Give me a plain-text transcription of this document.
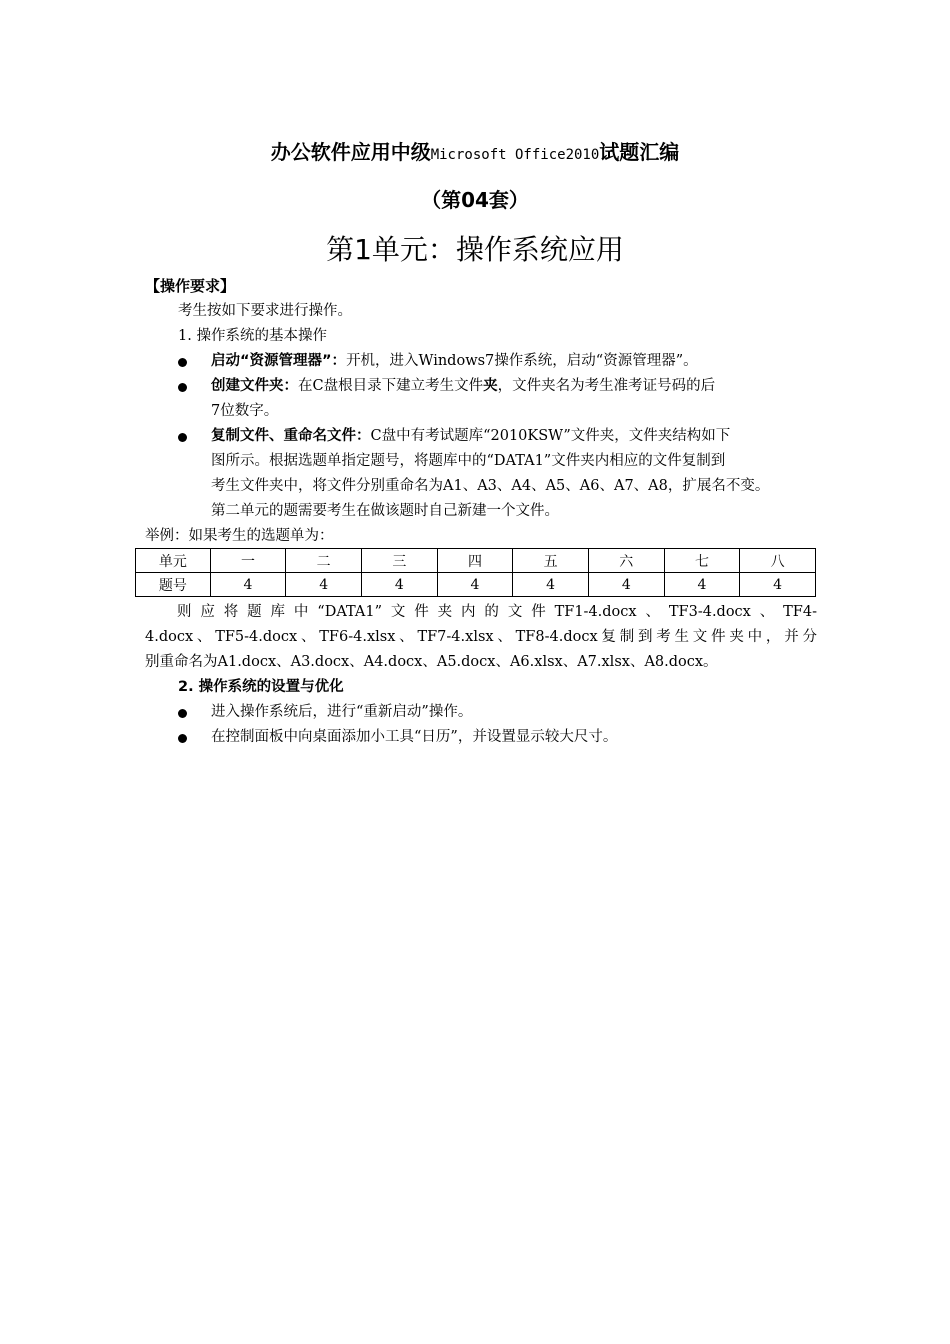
办公软件应用中级Microsoft Office2010试题汇编
（第04套）
第1单元：操作系统应用
【操作要求】
考生按如下要求进行操作。
1. 操作系统的基本操作
启动“资源管理器”：开机，进入Windows7操作系统，启动“资源管理器”。
创建文件夹：在C盘根目录下建立考生文件夹，文件夹名为考生准考证号码的后
7位数字。
复制文件、重命名文件：C盘中有考试题库“2010KSW”文件夹，文件夹结构如下
图所示。根据选题单指定题号，将题库中的“DATA1”文件夹内相应的文件复制到
考生文件夹中，将文件分别重命名为A1、A3、A4、A5、A6、A7、A8，扩展名不变。
第二单元的题需要考生在做该题时自己新建一个文件。
举例：如果考生的选题单为：
单元	一	二	三	四	五	六	七	八
题号	4	4	4	4	4	4	4	4
则应将题库中“DATA1”文件夹内的文件TF1-4.docx、TF3-4.docx、TF4-
4.docx、TF5-4.docx、TF6-4.xlsx、TF7-4.xlsx、TF8-4.docx复制到考生文件夹中，并分
别重命名为A1.docx、A3.docx、A4.docx、A5.docx、A6.xlsx、A7.xlsx、A8.docx。
2. 操作系统的设置与优化
进入操作系统后，进行“重新启动”操作。
在控制面板中向桌面添加小工具“日历”，并设置显示较大尺寸。
